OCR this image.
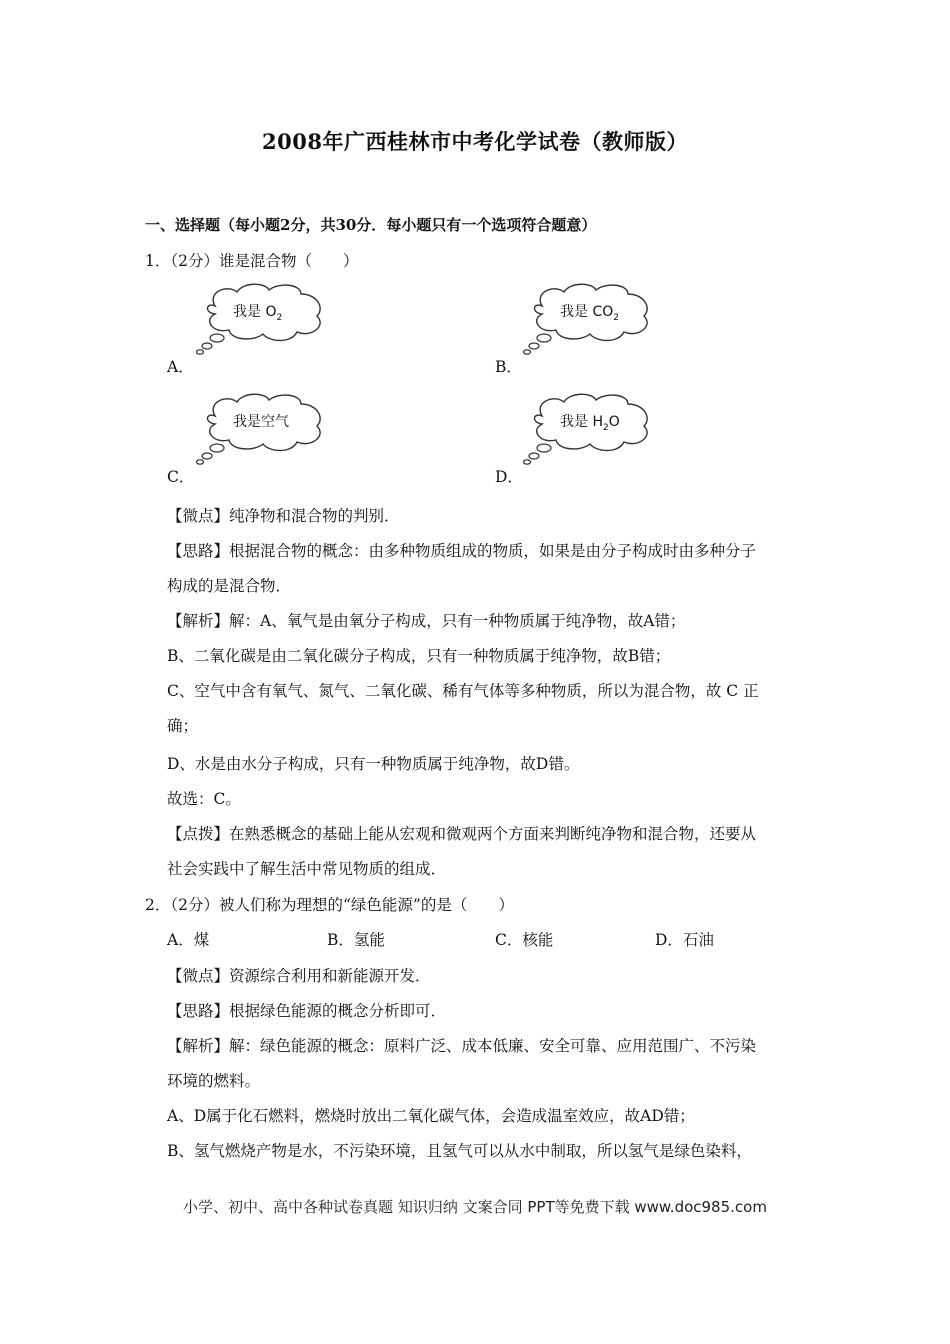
2008年广西桂林市中考化学试卷（教师版）
一、选择题（每小题2分，共30分．每小题只有一个选项符合题意）
1．（2分）谁是混合物（　　）
我是 $O_2$
A．
我是 $CO_2$
B．
我是空气
C．
我是 $H_2O$
D．
【微点】纯净物和混合物的判别．
【思路】根据混合物的概念：由多种物质组成的物质，如果是由分子构成时由多种分子
构成的是混合物．
【解析】解：A、氧气是由氧分子构成，只有一种物质属于纯净物，故A错；
B、二氧化碳是由二氧化碳分子构成，只有一种物质属于纯净物，故B错；
C、空气中含有氧气、氮气、二氧化碳、稀有气体等多种物质，所以为混合物，故 C 正
确；
D、水是由水分子构成，只有一种物质属于纯净物，故D错。
故选：C。
【点拨】在熟悉概念的基础上能从宏观和微观两个方面来判断纯净物和混合物，还要从
社会实践中了解生活中常见物质的组成．
2．（2分）被人们称为理想的“绿色能源”的是（　　）
A．煤	B．氢能	C．核能	D．石油
【微点】资源综合利用和新能源开发．
【思路】根据绿色能源的概念分析即可．
【解析】解：绿色能源的概念：原料广泛、成本低廉、安全可靠、应用范围广、不污染
环境的燃料。
A、D属于化石燃料，燃烧时放出二氧化碳气体，会造成温室效应，故AD错；
B、氢气燃烧产物是水，不污染环境，且氢气可以从水中制取，所以氢气是绿色染料，
小学、初中、高中各种试卷真题 知识归纳 文案合同 PPT等免费下载 www.doc985.com
